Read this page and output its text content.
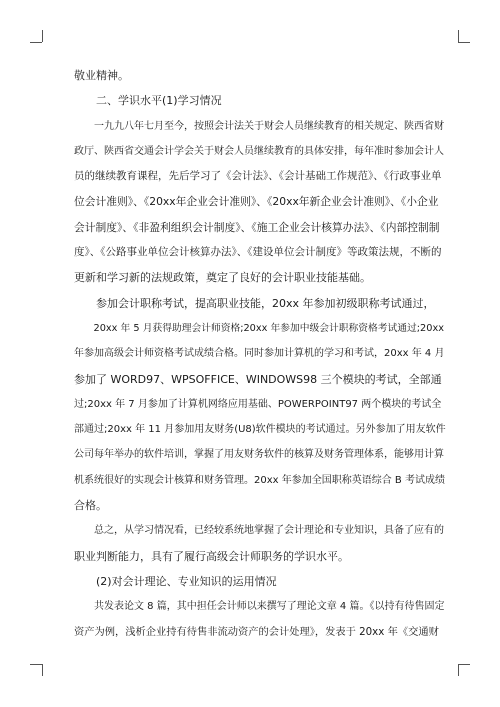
敬业精神。
　　二、学识水平(1)学习情况
　　一九九八年七月至今，按照会计法关于财会人员继续教育的相关规定、陕西省财
政厅、陕西省交通会计学会关于财会人员继续教育的具体安排，每年准时参加会计人
员的继续教育课程，先后学习了《会计法》、《会计基础工作规范》、《行政事业单
位会计准则》、《20xx年企业会计准则》、《20xx年新企业会计准则》、《小企业
会计制度》、《非盈利组织会计制度》、《施工企业会计核算办法》、《内部控制制
度》、《公路事业单位会计核算办法》、《建设单位会计制度》等政策法规，不断的
更新和学习新的法规政策，奠定了良好的会计职业技能基础。
　　参加会计职称考试，提高职业技能，20xx 年参加初级职称考试通过，
　　20xx 年 5 月获得助理会计师资格;20xx 年参加中级会计职称资格考试通过;20xx
年参加高级会计师资格考试成绩合格。同时参加计算机的学习和考试，20xx 年 4 月
参加了 WORD97、WPSOFFICE、WINDOWS98 三个模块的考试，全部通
过;20xx 年 7 月参加了计算机网络应用基础、POWERPOINT97 两个模块的考试全
部通过;20xx 年 11 月参加用友财务(U8)软件模块的考试通过。另外参加了用友软件
公司每年举办的软件培训，掌握了用友财务软件的核算及财务管理体系，能够用计算
机系统很好的实现会计核算和财务管理。20xx 年参加全国职称英语综合 B 考试成绩
合格。
　　总之，从学习情况看，已经较系统地掌握了会计理论和专业知识，具备了应有的
职业判断能力，具有了履行高级会计师职务的学识水平。
　　(2)对会计理论、专业知识的运用情况
　　共发表论文 8 篇，其中担任会计师以来撰写了理论文章 4 篇。《以持有待售固定
资产为例，浅析企业持有待售非流动资产的会计处理》，发表于 20xx 年《交通财
